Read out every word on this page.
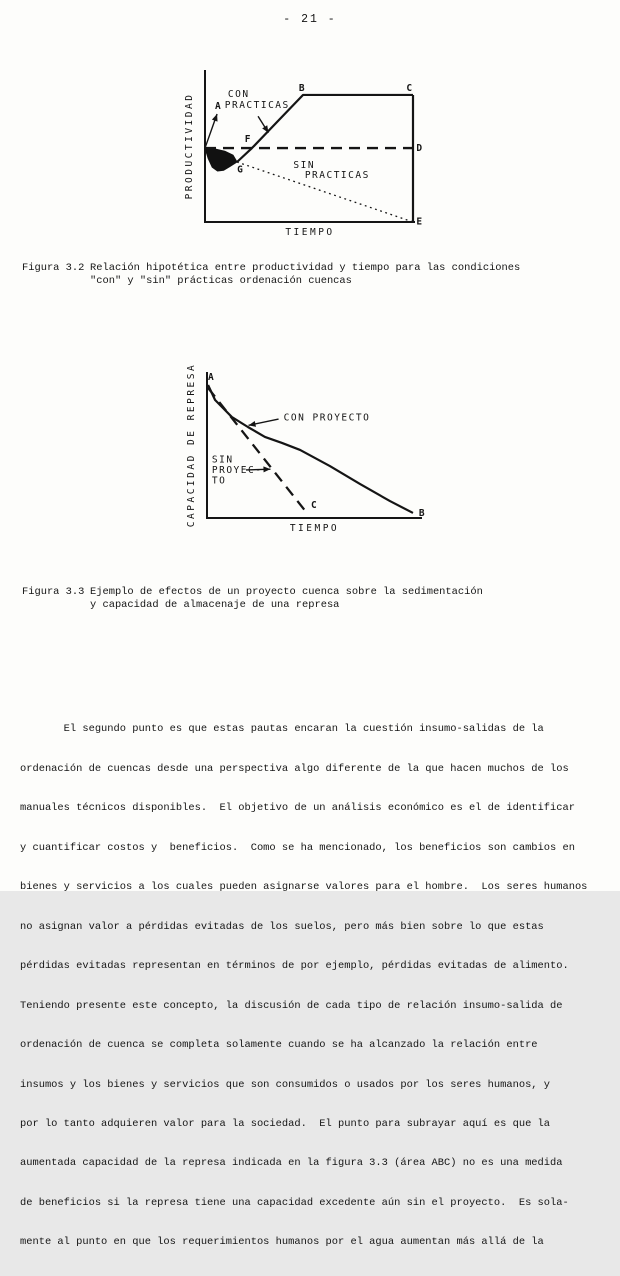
- 21 -
A
B	C
D
E
F
G
CON
PRACTICAS
SIN
PRACTICAS
TIEMPO
PRODUCTIVIDAD
Figura 3.2 Relación hipotética entre productividad y tiempo para las condiciones
"con" y "sin" prácticas ordenación cuencas
A
B
C
CON PROYECTO
SIN
PROYEC-
TO
TIEMPO
CAPACIDAD DE REPRESA
Figura 3.3 Ejemplo de efectos de un proyecto cuenca sobre la sedimentación
y capacidad de almacenaje de una represa

El segundo punto es que estas pautas encaran la cuestión insumo-salidas de la

ordenación de cuencas desde una perspectiva algo diferente de la que hacen muchos de los

manuales técnicos disponibles.  El objetivo de un análisis económico es el de identificar

y cuantificar costos y  beneficios.  Como se ha mencionado, los beneficios son cambios en

bienes y servicios a los cuales pueden asignarse valores para el hombre.  Los seres humanos

no asignan valor a pérdidas evitadas de los suelos, pero más bien sobre lo que estas

pérdidas evitadas representan en términos de por ejemplo, pérdidas evitadas de alimento.

Teniendo presente este concepto, la discusión de cada tipo de relación insumo-salida de

ordenación de cuenca se completa solamente cuando se ha alcanzado la relación entre

insumos y los bienes y servicios que son consumidos o usados por los seres humanos, y

por lo tanto adquieren valor para la sociedad.  El punto para subrayar aquí es que la

aumentada capacidad de la represa indicada en la figura 3.3 (área ABC) no es una medida

de beneficios si la represa tiene una capacidad excedente aún sin el proyecto.  Es sola-

mente al punto en que los requerimientos humanos por el agua aumentan más allá de la
